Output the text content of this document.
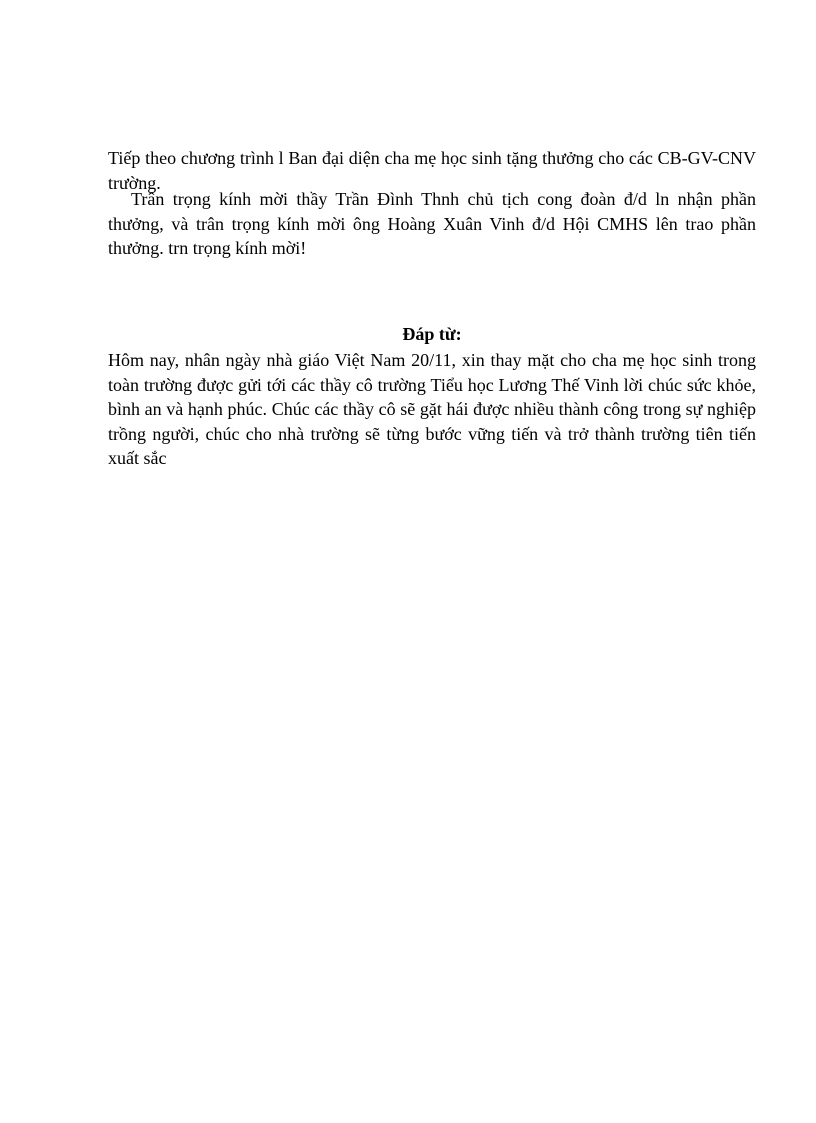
Tiếp theo chương trình l Ban đại diện cha mẹ học sinh tặng thưởng cho các CB-GV-CNV trường.

Trân trọng kính mời thầy Trần Đình Thnh chủ tịch cong đoàn đ/d ln nhận phần thưởng, và trân trọng kính mời ông Hoàng Xuân Vinh đ/d Hội CMHS lên trao phần thưởng. trn trọng kính mời!

Đáp từ:

Hôm nay, nhân ngày nhà giáo Việt Nam 20/11, xin thay mặt cho cha mẹ học sinh trong toàn trường được gửi tới các thầy cô trường Tiểu học Lương Thế Vinh lời chúc sức khỏe, bình an và hạnh phúc. Chúc các thầy cô sẽ gặt hái được nhiều thành công trong sự nghiệp trồng người, chúc cho nhà trường sẽ từng bước vững tiến và trở thành trường tiên tiến xuất sắc
